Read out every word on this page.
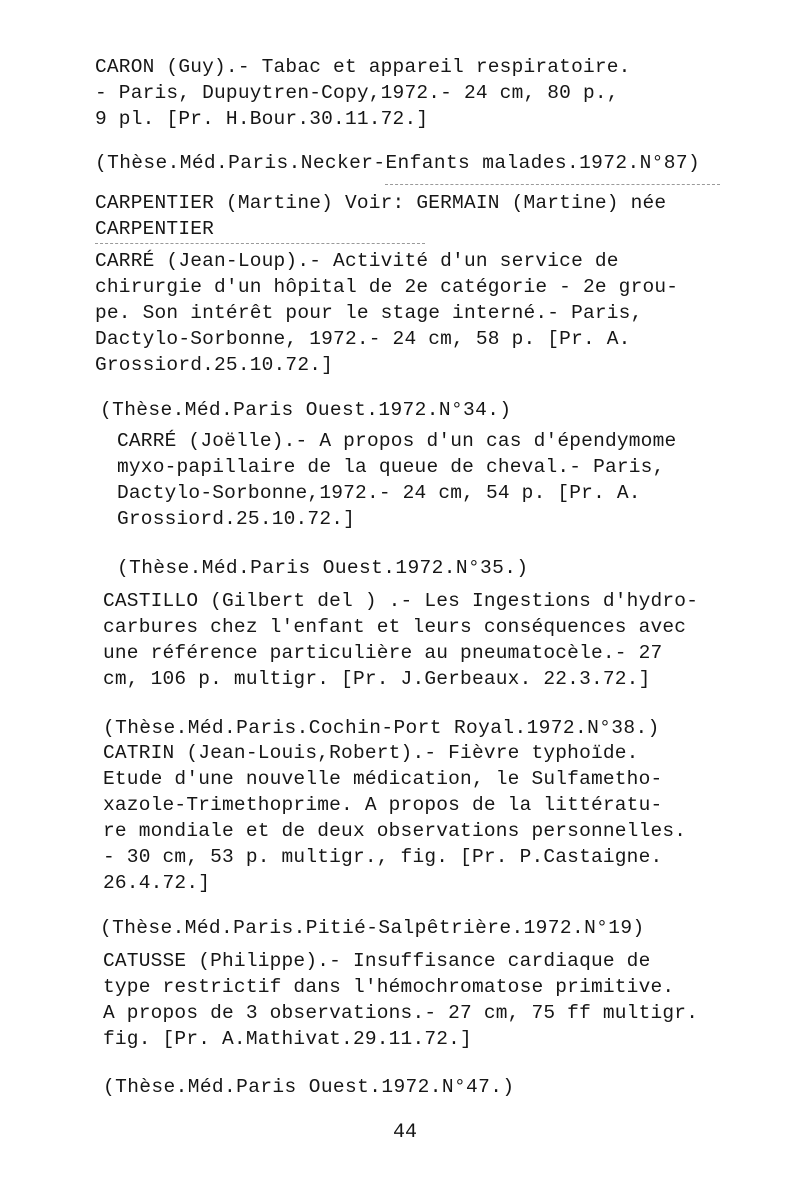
CARON (Guy).- Tabac et appareil respiratoire.
- Paris, Dupuytren-Copy,1972.- 24 cm, 80 p.,
9 pl. [Pr. H.Bour.30.11.72.]
(Thèse.Méd.Paris.Necker-Enfants malades.1972.N°87)
CARPENTIER (Martine) Voir: GERMAIN (Martine) née
CARPENTIER
CARRÉ (Jean-Loup).- Activité d'un service de
chirurgie d'un hôpital de 2e catégorie - 2e grou-
pe. Son intérêt pour le stage interné.- Paris,
Dactylo-Sorbonne, 1972.- 24 cm, 58 p. [Pr. A.
Grossiord.25.10.72.]
(Thèse.Méd.Paris Ouest.1972.N°34.)
CARRÉ (Joëlle).- A propos d'un cas d'épendymome
myxo-papillaire de la queue de cheval.- Paris,
Dactylo-Sorbonne,1972.- 24 cm, 54 p. [Pr. A.
Grossiord.25.10.72.]
(Thèse.Méd.Paris Ouest.1972.N°35.)
CASTILLO (Gilbert del ) .- Les Ingestions d'hydro-
carbures chez l'enfant et leurs conséquences avec
une référence particulière au pneumatocèle.- 27
cm, 106 p. multigr. [Pr. J.Gerbeaux. 22.3.72.]
(Thèse.Méd.Paris.Cochin-Port Royal.1972.N°38.)
CATRIN (Jean-Louis,Robert).- Fièvre typhoïde.
Etude d'une nouvelle médication, le Sulfametho-
xazole-Trimethoprime. A propos de la littératu-
re mondiale et de deux observations personnelles.
- 30 cm, 53 p. multigr., fig. [Pr. P.Castaigne.
26.4.72.]
(Thèse.Méd.Paris.Pitié-Salpêtrière.1972.N°19)
CATUSSE (Philippe).- Insuffisance cardiaque de
type restrictif dans l'hémochromatose primitive.
A propos de 3 observations.- 27 cm, 75 ff multigr.
fig. [Pr. A.Mathivat.29.11.72.]
(Thèse.Méd.Paris Ouest.1972.N°47.)
44
